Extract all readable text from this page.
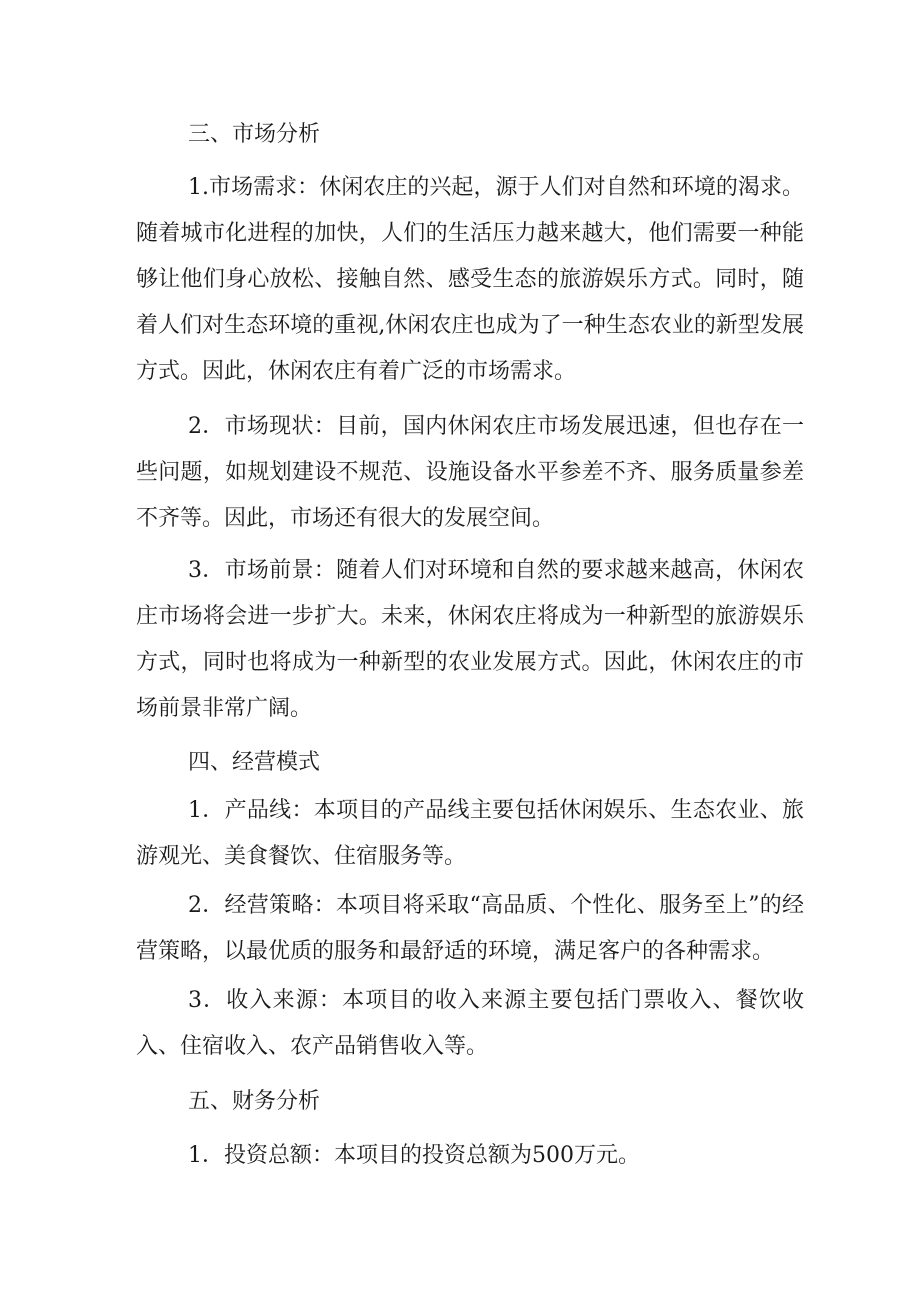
三、市场分析

1.市场需求：休闲农庄的兴起，源于人们对自然和环境的渴求。随着城市化进程的加快，人们的生活压力越来越大，他们需要一种能够让他们身心放松、接触自然、感受生态的旅游娱乐方式。同时，随着人们对生态环境的重视,休闲农庄也成为了一种生态农业的新型发展方式。因此，休闲农庄有着广泛的市场需求。

2．市场现状：目前，国内休闲农庄市场发展迅速，但也存在一些问题，如规划建设不规范、设施设备水平参差不齐、服务质量参差不齐等。因此，市场还有很大的发展空间。

3．市场前景：随着人们对环境和自然的要求越来越高，休闲农庄市场将会进一步扩大。未来，休闲农庄将成为一种新型的旅游娱乐方式，同时也将成为一种新型的农业发展方式。因此，休闲农庄的市场前景非常广阔。

四、经营模式

1．产品线：本项目的产品线主要包括休闲娱乐、生态农业、旅游观光、美食餐饮、住宿服务等。

2．经营策略：本项目将采取“高品质、个性化、服务至上”的经营策略，以最优质的服务和最舒适的环境，满足客户的各种需求。

3．收入来源：本项目的收入来源主要包括门票收入、餐饮收入、住宿收入、农产品销售收入等。

五、财务分析

1．投资总额：本项目的投资总额为500万元。
